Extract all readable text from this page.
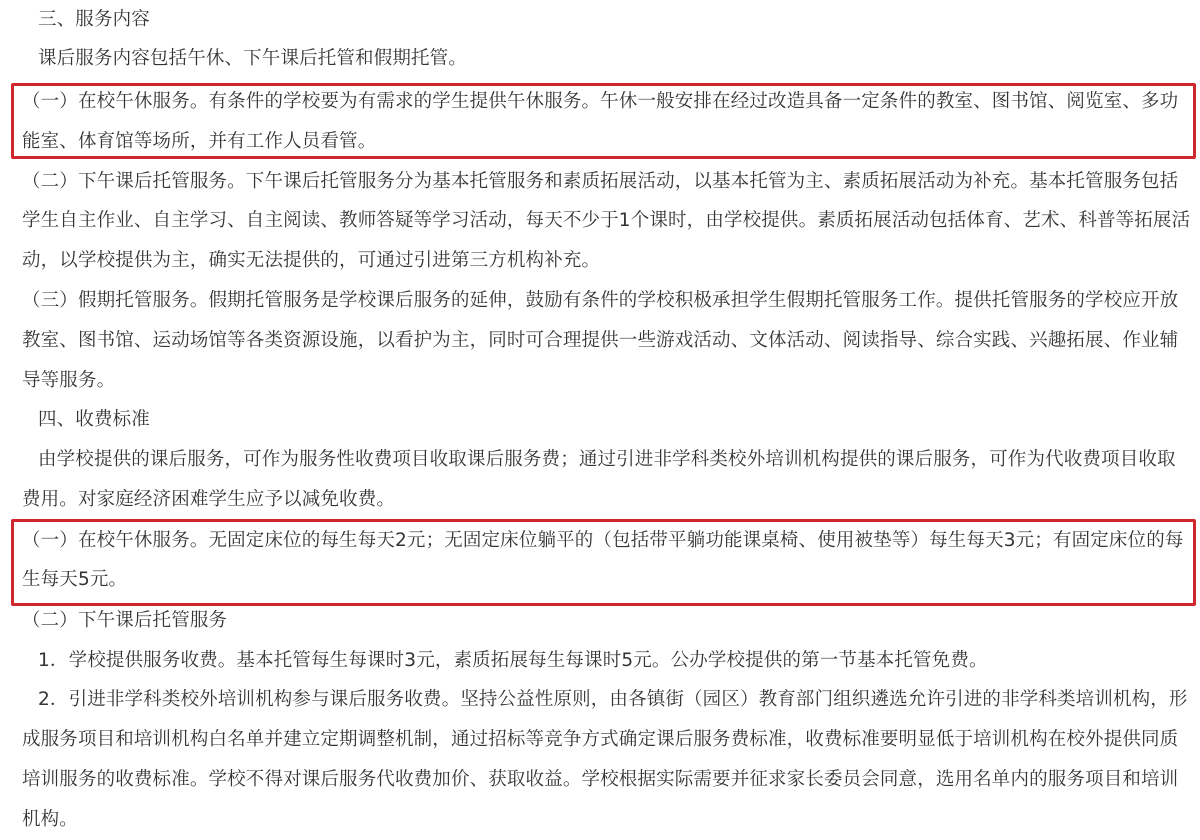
三、服务内容
课后服务内容包括午休、下午课后托管和假期托管。
（一）在校午休服务。有条件的学校要为有需求的学生提供午休服务。午休一般安排在经过改造具备一定条件的教室、图书馆、阅览室、多功
能室、体育馆等场所，并有工作人员看管。
（二）下午课后托管服务。下午课后托管服务分为基本托管服务和素质拓展活动，以基本托管为主、素质拓展活动为补充。基本托管服务包括
学生自主作业、自主学习、自主阅读、教师答疑等学习活动，每天不少于1个课时，由学校提供。素质拓展活动包括体育、艺术、科普等拓展活
动，以学校提供为主，确实无法提供的，可通过引进第三方机构补充。
（三）假期托管服务。假期托管服务是学校课后服务的延伸，鼓励有条件的学校积极承担学生假期托管服务工作。提供托管服务的学校应开放
教室、图书馆、运动场馆等各类资源设施，以看护为主，同时可合理提供一些游戏活动、文体活动、阅读指导、综合实践、兴趣拓展、作业辅
导等服务。
四、收费标准
由学校提供的课后服务，可作为服务性收费项目收取课后服务费；通过引进非学科类校外培训机构提供的课后服务，可作为代收费项目收取
费用。对家庭经济困难学生应予以减免收费。
（一）在校午休服务。无固定床位的每生每天2元；无固定床位躺平的（包括带平躺功能课桌椅、使用被垫等）每生每天3元；有固定床位的每
生每天5元。
（二）下午课后托管服务
1．学校提供服务收费。基本托管每生每课时3元，素质拓展每生每课时5元。公办学校提供的第一节基本托管免费。
2．引进非学科类校外培训机构参与课后服务收费。坚持公益性原则，由各镇街（园区）教育部门组织遴选允许引进的非学科类培训机构，形
成服务项目和培训机构白名单并建立定期调整机制，通过招标等竞争方式确定课后服务费标准，收费标准要明显低于培训机构在校外提供同质
培训服务的收费标准。学校不得对课后服务代收费加价、获取收益。学校根据实际需要并征求家长委员会同意，选用名单内的服务项目和培训
机构。
